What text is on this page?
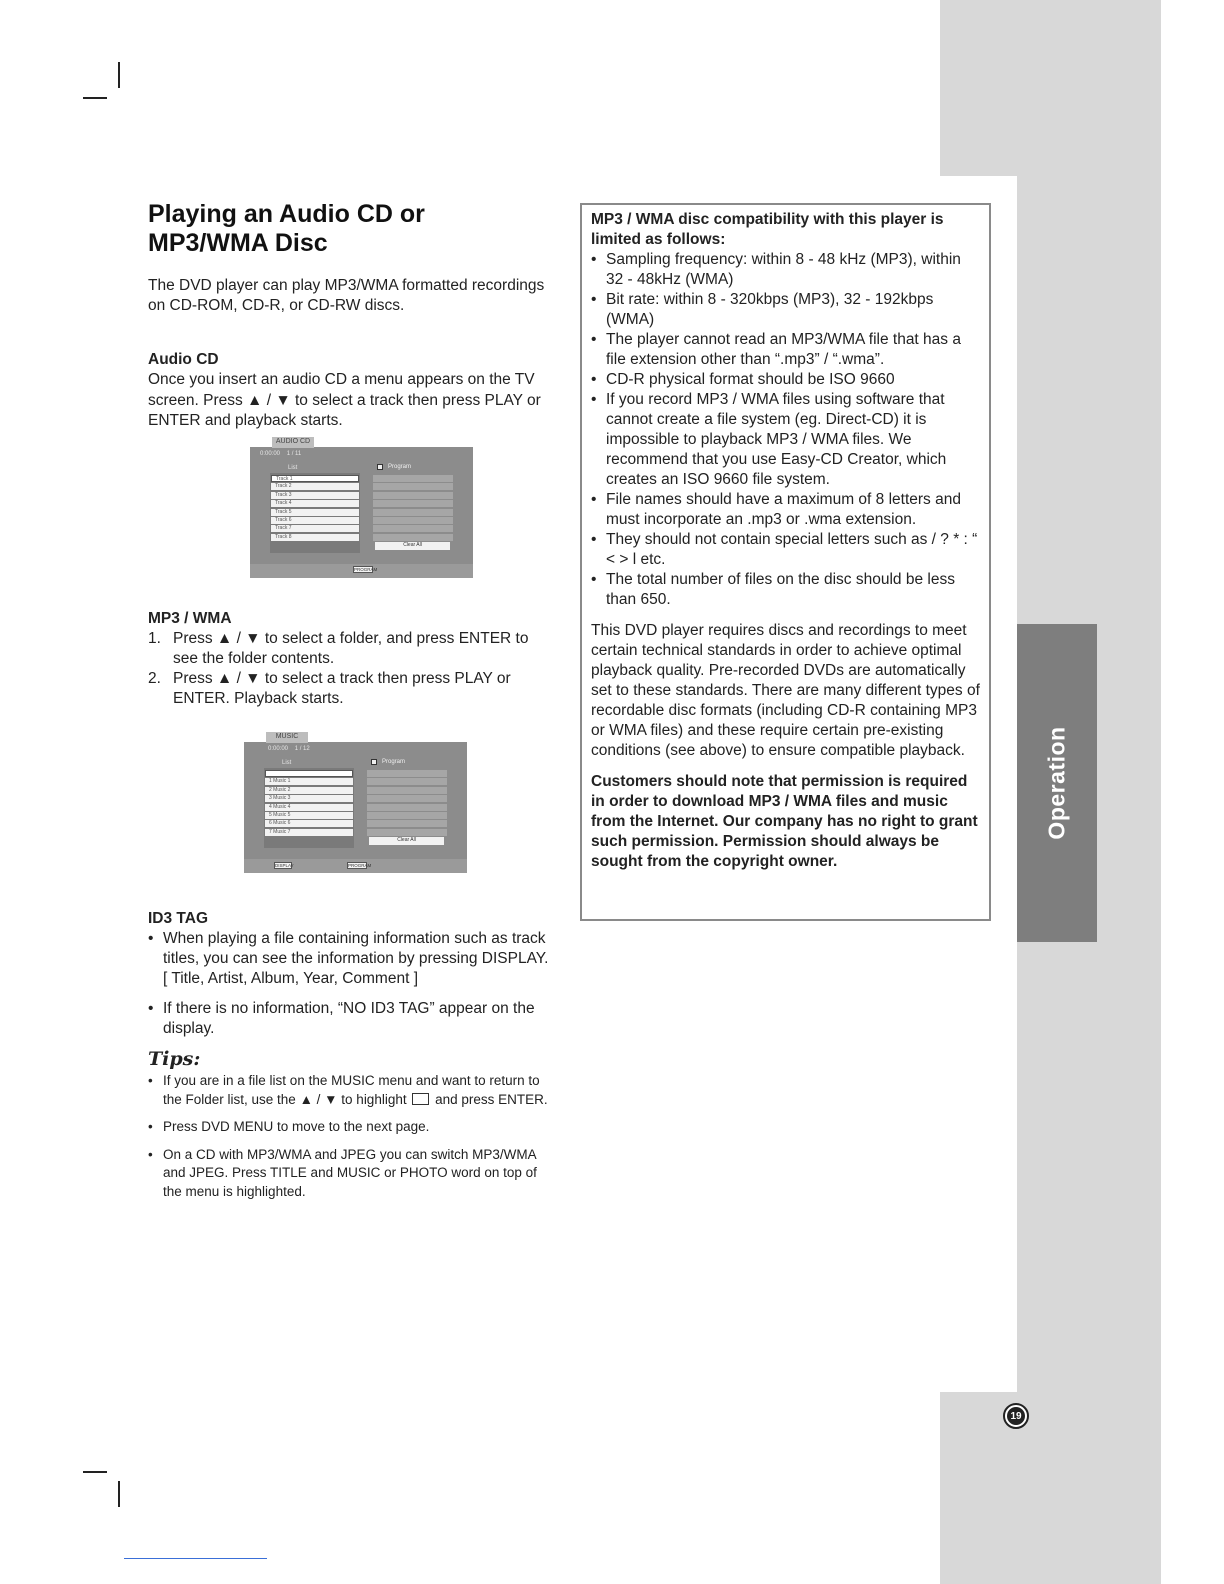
Operation
Playing an Audio CD or MP3/WMA Disc

The DVD player can play MP3/WMA formatted recordings on CD-ROM, CD-R, or CD-RW discs.

Audio CD

Once you insert an audio CD a menu appears on the TV screen. Press ▲ / ▼ to select a track then press PLAY or ENTER and playback starts.

AUDIO CD
0:00:00 1 / 11
List
Track 1
Track 2
Track 3
Track 4
Track 5
Track 6
Track 7
Track 8
Program
Clear All
PROGRAM
MP3 / WMA
1. Press ▲ / ▼ to select a folder, and press ENTER to see the folder contents.
2. Press ▲ / ▼ to select a track then press PLAY or ENTER. Playback starts.
MUSIC
0:00:00 1 / 12
List
1 Music 1
2 Music 2
3 Music 3
4 Music 4
5 Music 5
6 Music 6
7 Music 7
Program
Clear All
DISPLAY	PROGRAM
ID3 TAG
• When playing a file containing information such as track titles, you can see the information by pressing DISPLAY.
[ Title, Artist, Album, Year, Comment ]
• If there is no information, “NO ID3 TAG” appear on the display.
Tips:
• If you are in a file list on the MUSIC menu and want to return to the Folder list, use the ▲ / ▼ to highlight and press ENTER.
• Press DVD MENU to move to the next page.
• On a CD with MP3/WMA and JPEG you can switch MP3/WMA and JPEG. Press TITLE and MUSIC or PHOTO word on top of the menu is highlighted.
MP3 / WMA disc compatibility with this player is limited as follows:
• Sampling frequency: within 8 - 48 kHz (MP3), within 32 - 48kHz (WMA)
• Bit rate: within 8 - 320kbps (MP3), 32 - 192kbps (WMA)
• The player cannot read an MP3/WMA file that has a file extension other than “.mp3” / “.wma”.
• CD-R physical format should be ISO 9660
• If you record MP3 / WMA files using software that cannot create a file system (eg. Direct-CD) it is impossible to playback MP3 / WMA files. We recommend that you use Easy-CD Creator, which creates an ISO 9660 file system.
• File names should have a maximum of 8 letters and must incorporate an .mp3 or .wma extension.
• They should not contain special letters such as / ? * : “ < > l etc.
• The total number of files on the disc should be less than 650.

This DVD player requires discs and recordings to meet certain technical standards in order to achieve optimal playback quality. Pre-recorded DVDs are automatically set to these standards. There are many different types of recordable disc formats (including CD-R containing MP3 or WMA files) and these require certain pre-existing conditions (see above) to ensure compatible playback.

Customers should note that permission is required in order to download MP3 / WMA files and music from the Internet. Our company has no right to grant such permission. Permission should always be sought from the copyright owner.

19
